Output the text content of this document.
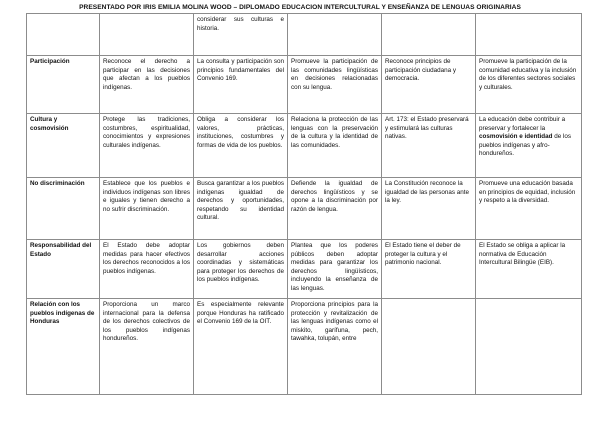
PRESENTADO POR IRIS EMILIA MOLINA WOOD – DIPLOMADO EDUCACION INTERCULTURAL Y ENSEÑANZA DE LENGUAS ORIGINARIAS
		considerar sus culturas e historia.			
Participación	Reconoce el derecho a participar en las decisiones que afectan a los pueblos indígenas.	La consulta y participación son principios fundamentales del Convenio 169.	Promueve la participación de las comunidades lingüísticas en decisiones relacionadas con su lengua.	Reconoce principios de participación ciudadana y democracia.	Promueve la participación de la comunidad educativa y la inclusión de los diferentes sectores sociales y culturales.
Cultura y cosmovisión	Protege las tradiciones, costumbres, espiritualidad, conocimientos y expresiones culturales indígenas.	Obliga a considerar los valores, prácticas, instituciones, costumbres y formas de vida de los pueblos.	Relaciona la protección de las lenguas con la preservación de la cultura y la identidad de las comunidades.	Art. 173: el Estado preservará y estimulará las culturas nativas.	La educación debe contribuir a preservar y fortalecer la cosmovisión e identidad de los pueblos indígenas y afro-hondureños.
No discriminación	Establece que los pueblos e individuos indígenas son libres e iguales y tienen derecho a no sufrir discriminación.	Busca garantizar a los pueblos indígenas igualdad de derechos y oportunidades, respetando su identidad cultural.	Defiende la igualdad de derechos lingüísticos y se opone a la discriminación por razón de lengua.	La Constitución reconoce la igualdad de las personas ante la ley.	Promueve una educación basada en principios de equidad, inclusión y respeto a la diversidad.
Responsabilidad del Estado	El Estado debe adoptar medidas para hacer efectivos los derechos reconocidos a los pueblos indígenas.	Los gobiernos deben desarrollar acciones coordinadas y sistemáticas para proteger los derechos de los pueblos indígenas.	Plantea que los poderes públicos deben adoptar medidas para garantizar los derechos lingüísticos, incluyendo la enseñanza de las lenguas.	El Estado tiene el deber de proteger la cultura y el patrimonio nacional.	El Estado se obliga a aplicar la normativa de Educación Intercultural Bilingüe (EIB).
Relación con los pueblos indígenas de Honduras	Proporciona un marco internacional para la defensa de los derechos colectivos de los pueblos indígenas hondureños.	Es especialmente relevante porque Honduras ha ratificado el Convenio 169 de la OIT.	Proporciona principios para la protección y revitalización de las lenguas indígenas como el miskito, garífuna, pech, tawahka, tolupán, entre		
